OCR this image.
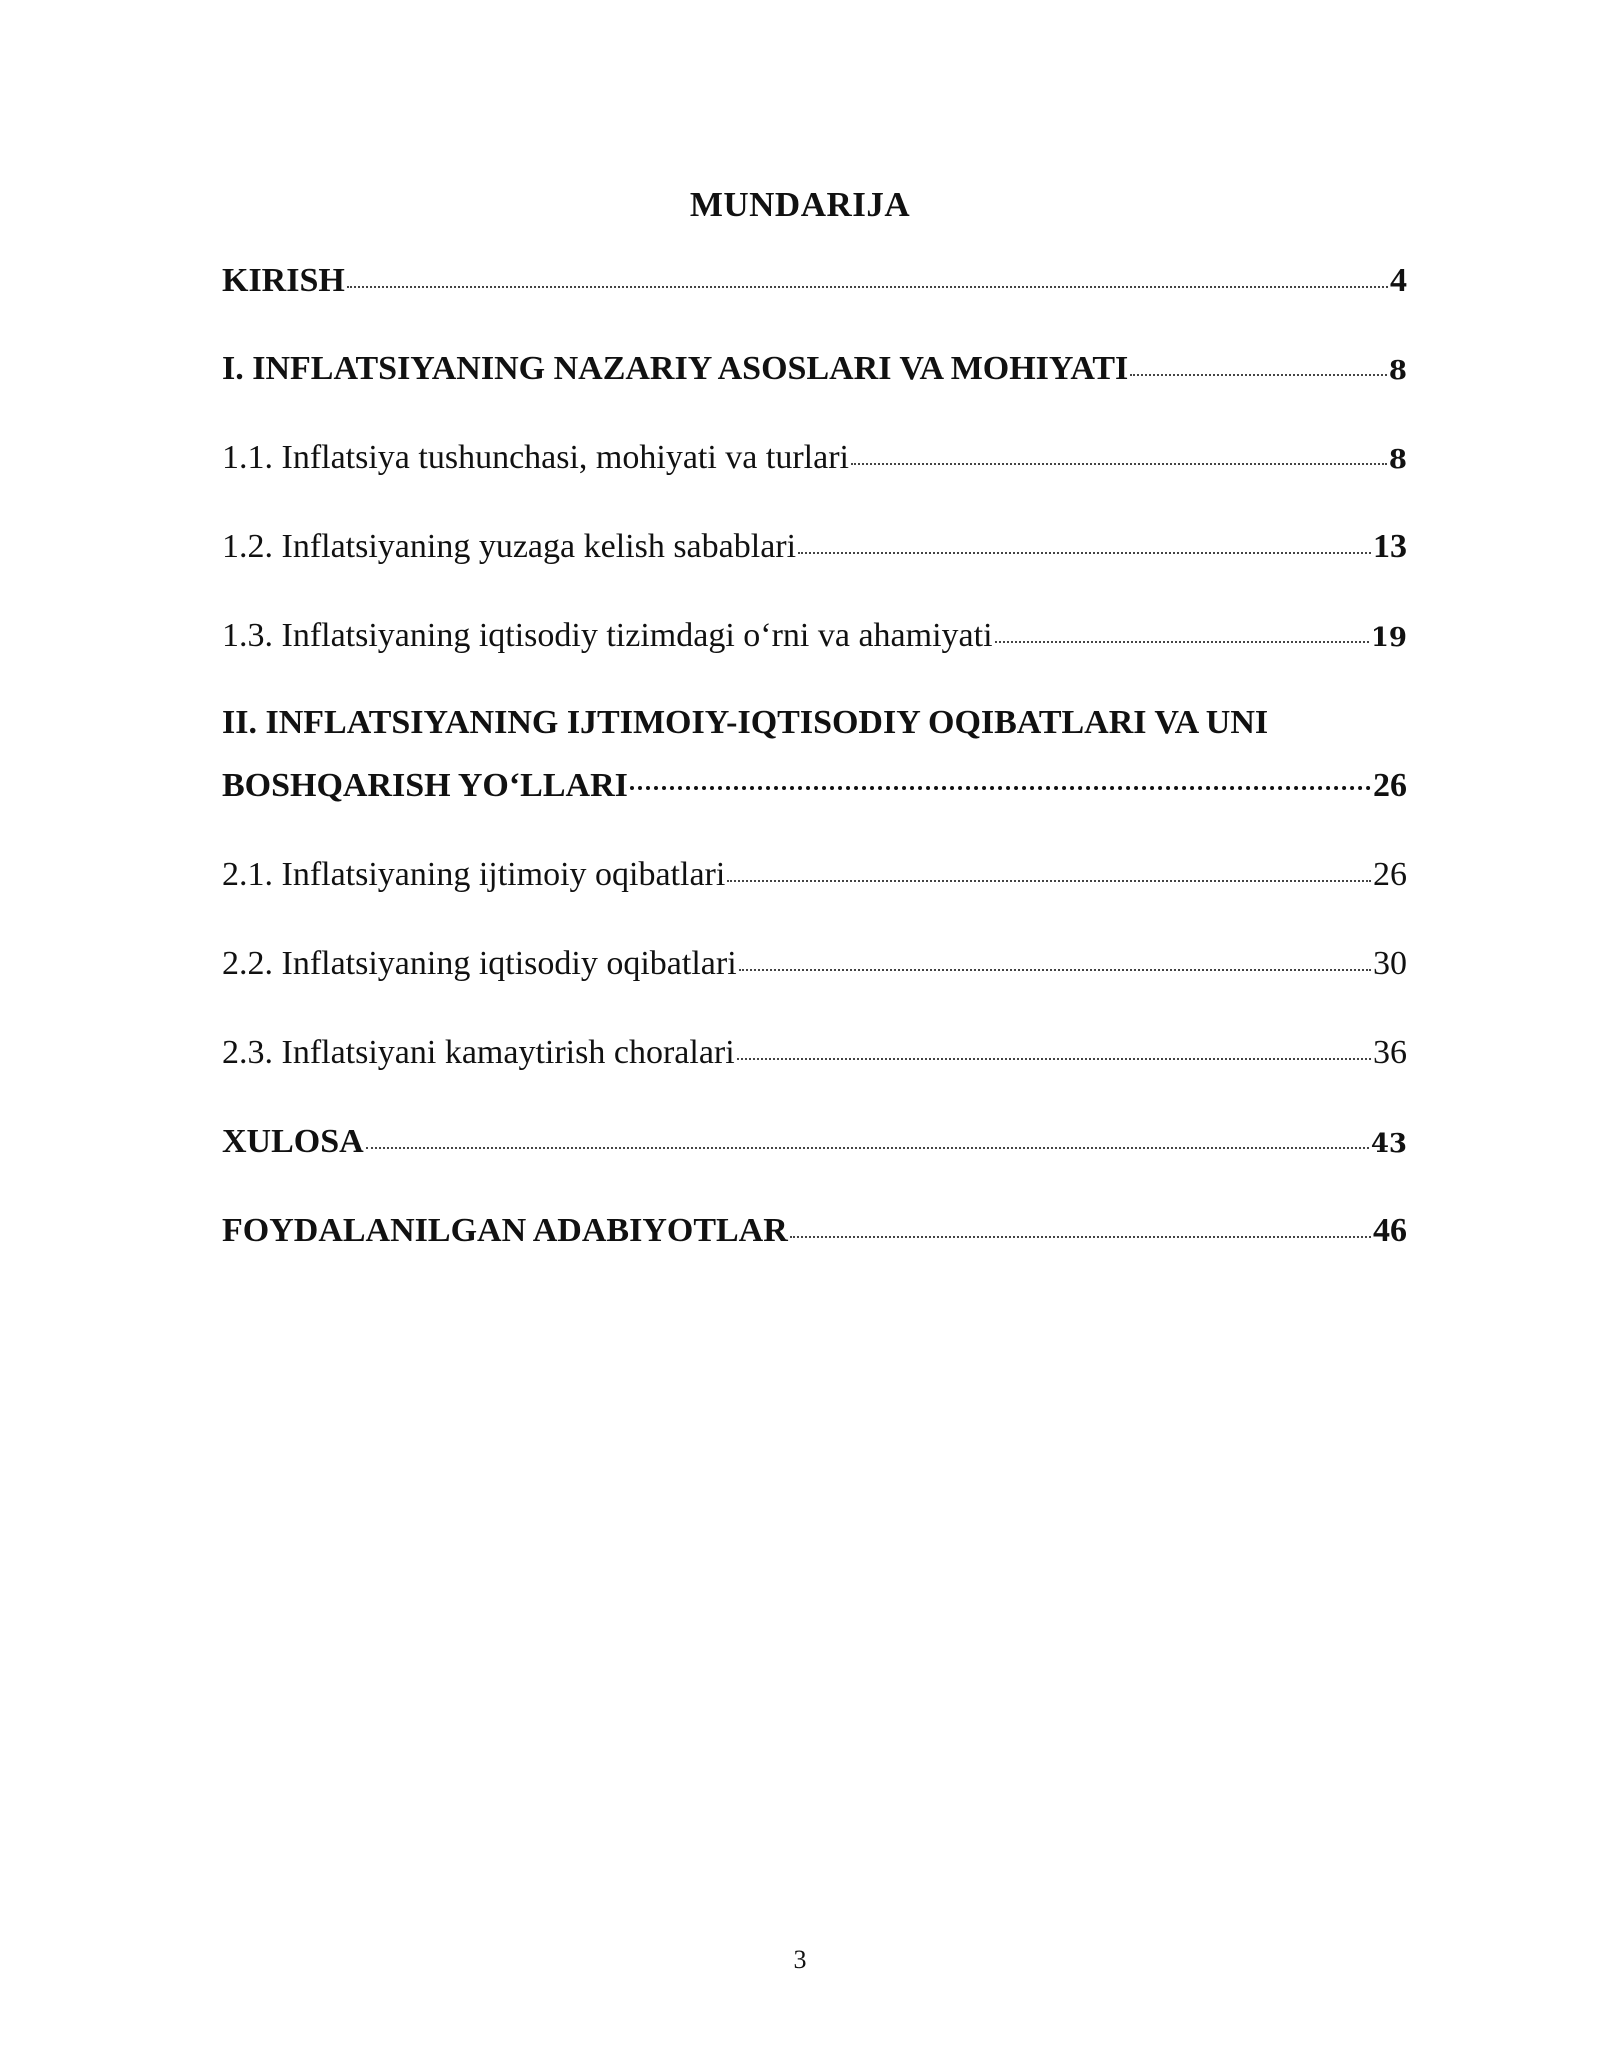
MUNDARIJA
KIRISH	4
I. INFLATSIYANING NAZARIY ASOSLARI VA MOHIYATI	8
1.1. Inflatsiya tushunchasi, mohiyati va turlari	8
1.2. Inflatsiyaning yuzaga kelish sabablari	13
1.3. Inflatsiyaning iqtisodiy tizimdagi o‘rni va ahamiyati	19
II. INFLATSIYANING IJTIMOIY-IQTISODIY OQIBATLARI VA UNI
BOSHQARISH YO‘LLARI	26
2.1. Inflatsiyaning ijtimoiy oqibatlari	26
2.2. Inflatsiyaning iqtisodiy oqibatlari	30
2.3. Inflatsiyani kamaytirish choralari	36
XULOSA	43
FOYDALANILGAN ADABIYOTLAR	46
3
